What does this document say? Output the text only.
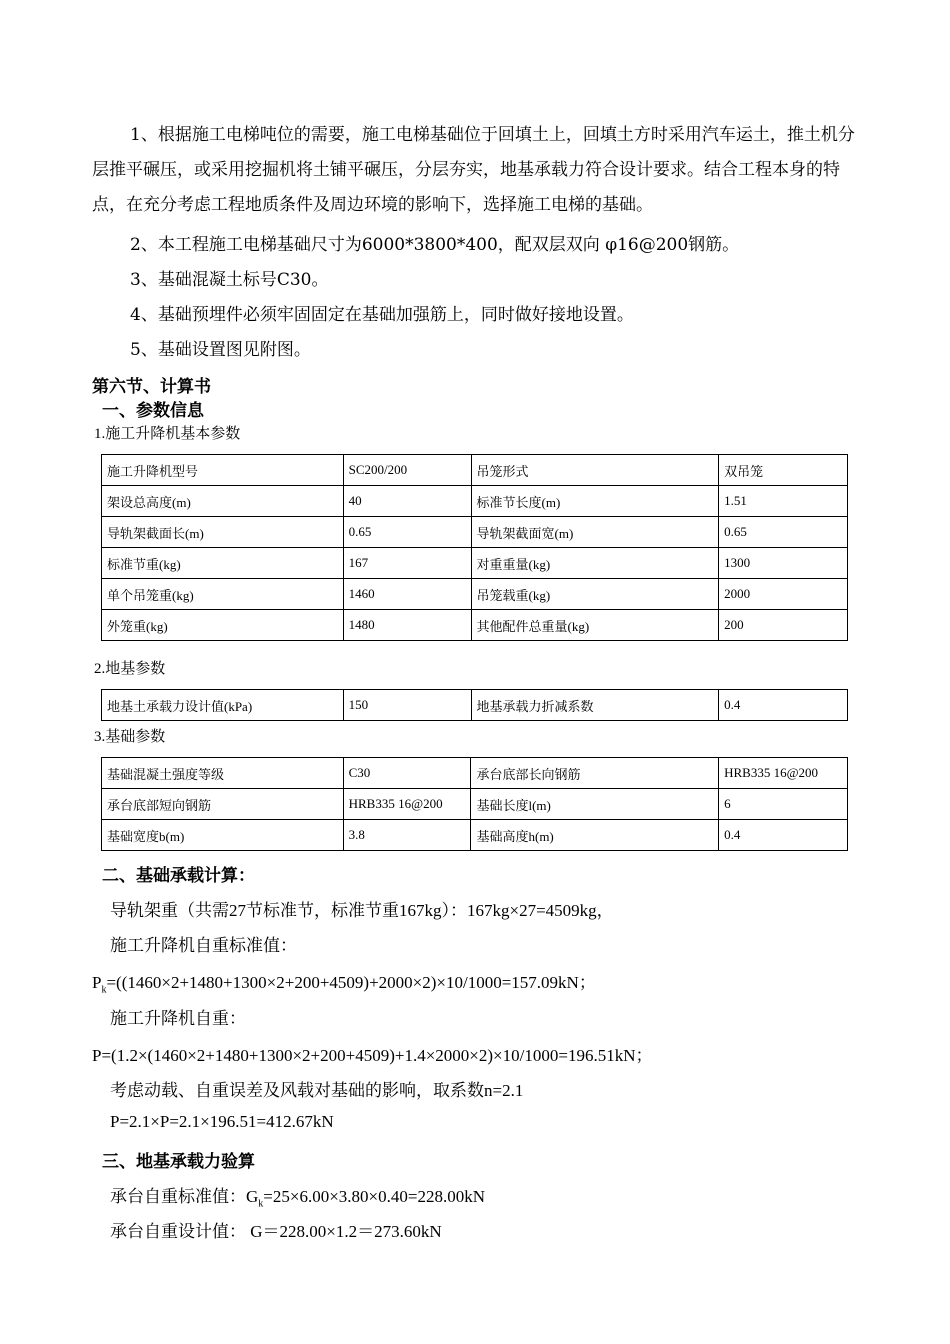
1、根据施工电梯吨位的需要，施工电梯基础位于回填土上，回填土方时采用汽车运土，推土机分层推平碾压，或采用挖掘机将土铺平碾压，分层夯实，地基承载力符合设计要求。结合工程本身的特点，在充分考虑工程地质条件及周边环境的影响下，选择施工电梯的基础。

2、本工程施工电梯基础尺寸为6000*3800*400，配双层双向 φ16@200钢筋。

3、基础混凝土标号C30。

4、基础预埋件必须牢固固定在基础加强筋上，同时做好接地设置。

5、基础设置图见附图。

第六节、计算书

一、参数信息

1.施工升降机基本参数

施工升降机型号	SC200/200	吊笼形式	双吊笼
架设总高度(m)	40	标准节长度(m)	1.51
导轨架截面长(m)	0.65	导轨架截面宽(m)	0.65
标准节重(kg)	167	对重重量(kg)	1300
单个吊笼重(kg)	1460	吊笼载重(kg)	2000
外笼重(kg)	1480	其他配件总重量(kg)	200

2.地基参数

地基土承载力设计值(kPa)	150	地基承载力折减系数	0.4

3.基础参数

基础混凝土强度等级	C30	承台底部长向钢筋	HRB335 16@200
承台底部短向钢筋	HRB335 16@200	基础长度l(m)	6
基础宽度b(m)	3.8	基础高度h(m)	0.4

二、基础承载计算：

导轨架重（共需27节标准节，标准节重167kg）：167kg×27=4509kg，

施工升降机自重标准值：

$P_k=((1460\times 2+1480+1300\times 2+200+4509)+2000\times 2)\times 10/1000=157.09kN$；

施工升降机自重：

P=(1.2×(1460×2+1480+1300×2+200+4509)+1.4×2000×2)×10/1000=196.51kN；

考虑动载、自重误差及风载对基础的影响，取系数n=2.1

P=2.1×P=2.1×196.51=412.67kN

三、地基承载力验算

承台自重标准值：$G_k=25\times 6.00\times 3.80\times 0.40=228.00kN$

承台自重设计值： G＝228.00×1.2＝273.60kN
